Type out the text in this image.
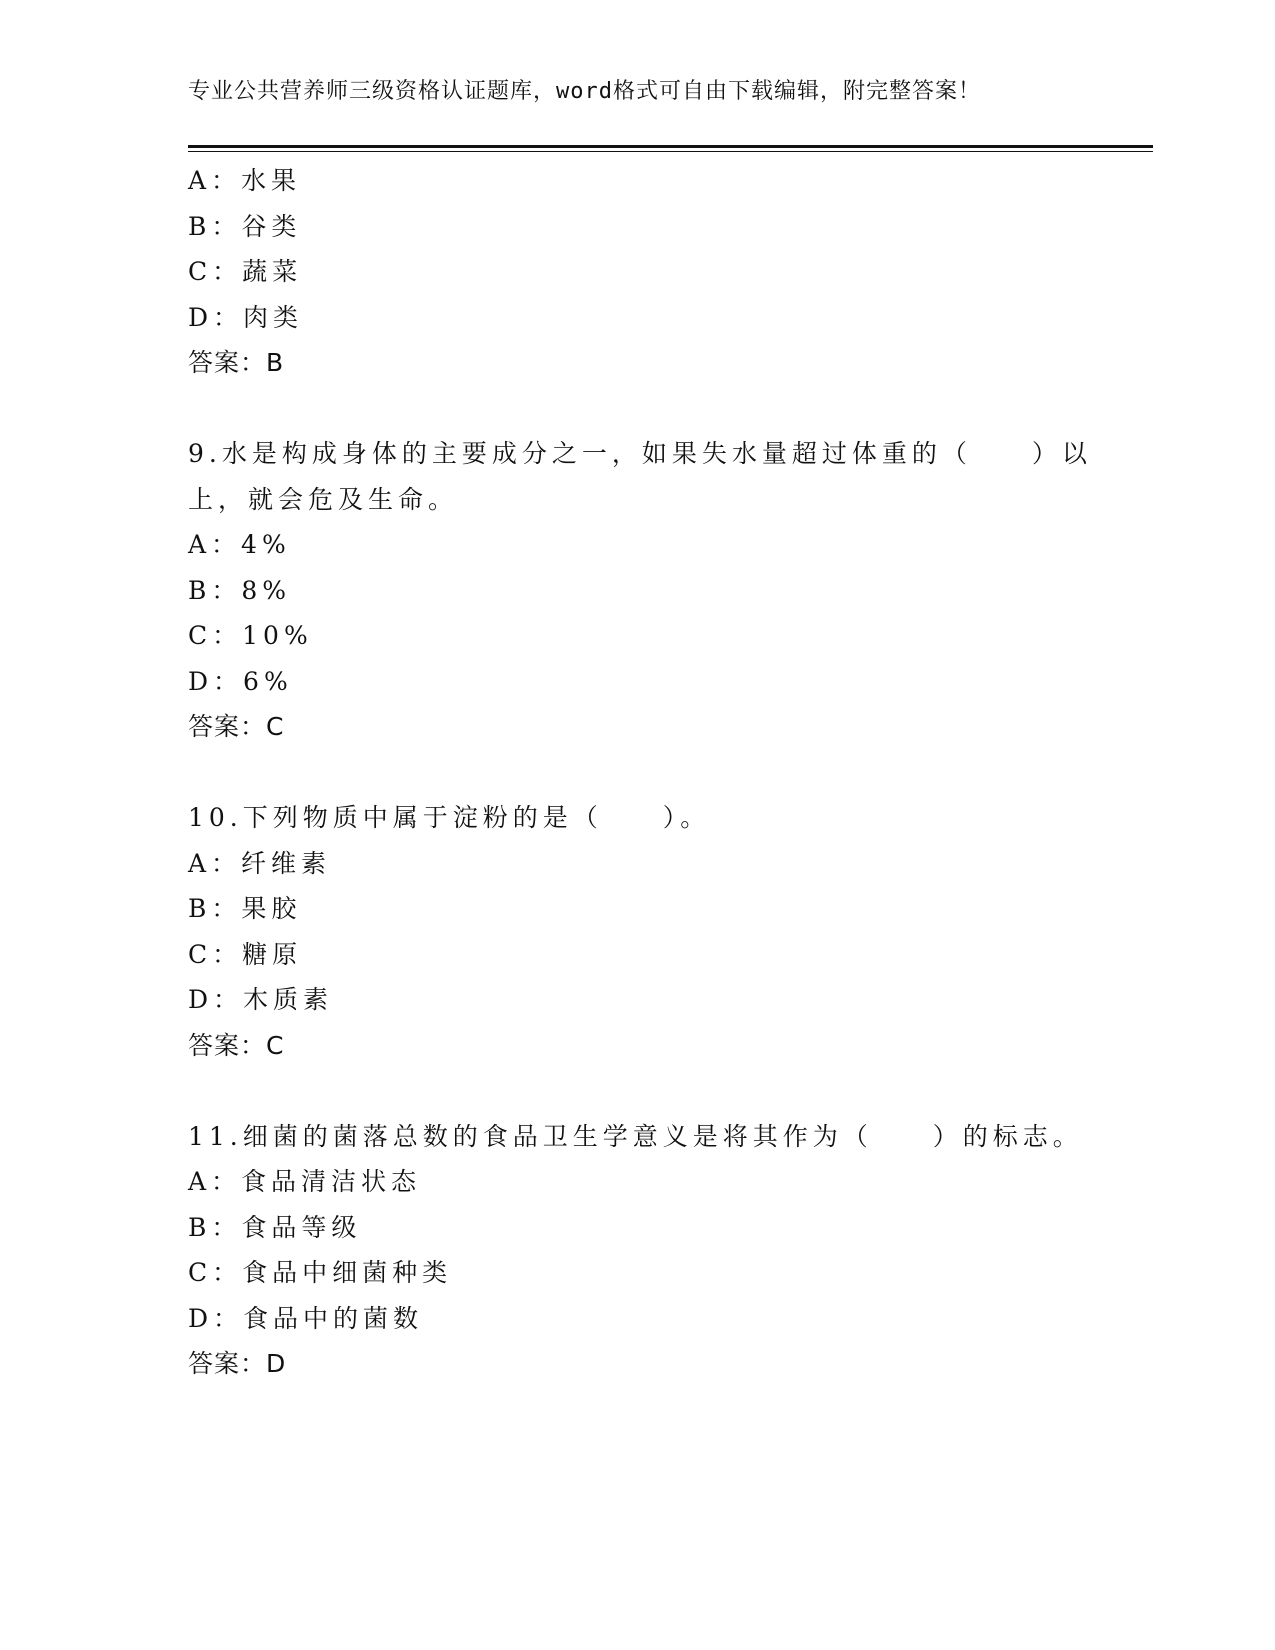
专业公共营养师三级资格认证题库，word格式可自由下载编辑，附完整答案！
A：水果
B：谷类
C：蔬菜
D：肉类
答案：B
9.水是构成身体的主要成分之一，如果失水量超过体重的（　　）以
上，就会危及生命。
A：4%
B：8%
C：10%
D：6%
答案：C
10.下列物质中属于淀粉的是（　　）。
A：纤维素
B：果胶
C：糖原
D：木质素
答案：C
11.细菌的菌落总数的食品卫生学意义是将其作为（　　）的标志。
A：食品清洁状态
B：食品等级
C：食品中细菌种类
D：食品中的菌数
答案：D
